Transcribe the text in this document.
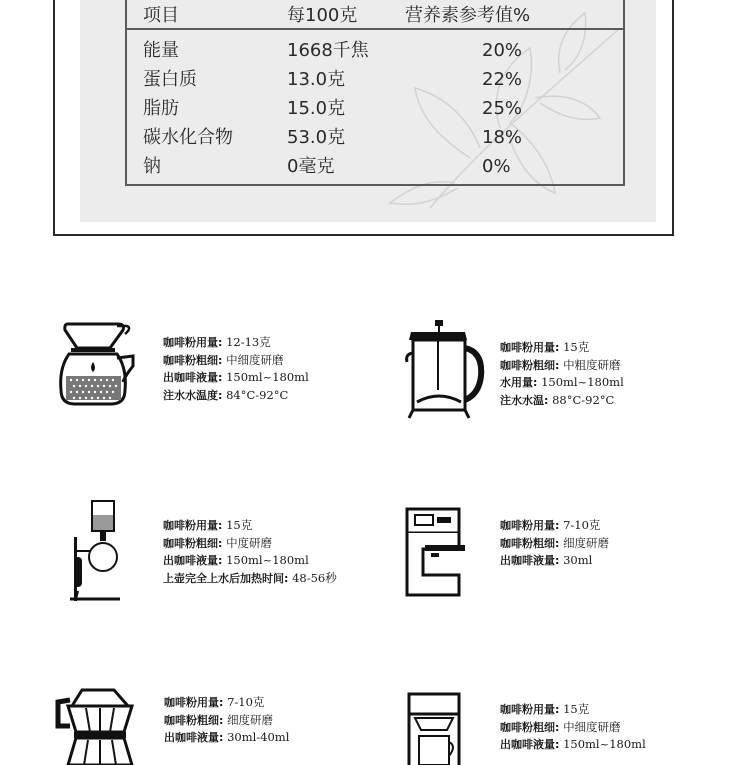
项目	每100克	营养素参考值%
能量	1668千焦	20%
蛋白质	13.0克	22%
脂肪	15.0克	25%
碳水化合物	53.0克	18%
钠	0毫克	0%
咖啡粉用量: 12-13克
咖啡粉粗细: 中细度研磨
出咖啡液量: 150ml~180ml
注水水温度: 84°C-92°C
咖啡粉用量: 15克
咖啡粉粗细: 中粗度研磨
水用量: 150ml~180ml
注水水温: 88°C-92°C
咖啡粉用量: 15克
咖啡粉粗细: 中度研磨
出咖啡液量: 150ml~180ml
上壶完全上水后加热时间: 48-56秒
咖啡粉用量: 7-10克
咖啡粉粗细: 细度研磨
出咖啡液量: 30ml
咖啡粉用量: 7-10克
咖啡粉粗细: 细度研磨
出咖啡液量: 30ml-40ml
咖啡粉用量: 15克
咖啡粉粗细: 中细度研磨
出咖啡液量: 150ml~180ml
